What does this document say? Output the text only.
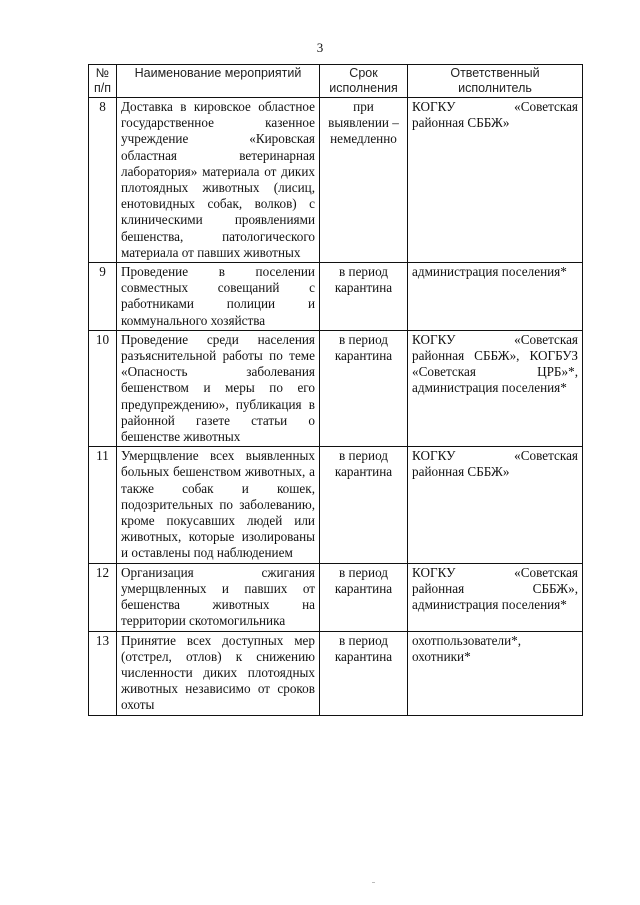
3
№ п/п	Наименование мероприятий	Срок исполнения	Ответственный исполнитель
8	Доставка в кировское областное государственное казенное учреждение «Кировская областная ветеринарная лаборатория» материала от диких плотоядных животных (лисиц, енотовидных собак, волков) с клиническими проявлениями бешенства, патологического материала от павших животных	при выявлении – немедленно	КОГКУ «Советская районная СББЖ»
9	Проведение в поселении совместных совещаний с работниками полиции и коммунального хозяйства	в период карантина	администрация поселения*
10	Проведение среди населения разъяснительной работы по теме «Опасность заболевания бешенством и меры по его предупреждению», публикация в районной газете статьи о бешенстве животных	в период карантина	КОГКУ «Советская районная СББЖ», КОГБУЗ «Советская ЦРБ»*, администрация поселения*
11	Умерщвление всех выявленных больных бешенством животных, а также собак и кошек, подозрительных по заболеванию, кроме покусавших людей или животных, которые изолированы и оставлены под наблюдением	в период карантина	КОГКУ «Советская районная СББЖ»
12	Организация сжигания умерщвленных и павших от бешенства животных на территории скотомогильника	в период карантина	КОГКУ «Советская районная СББЖ», администрация поселения*
13	Принятие всех доступных мер (отстрел, отлов) к снижению численности диких плотоядных животных независимо от сроков охоты	в период карантина	охотпользователи*, охотники*
